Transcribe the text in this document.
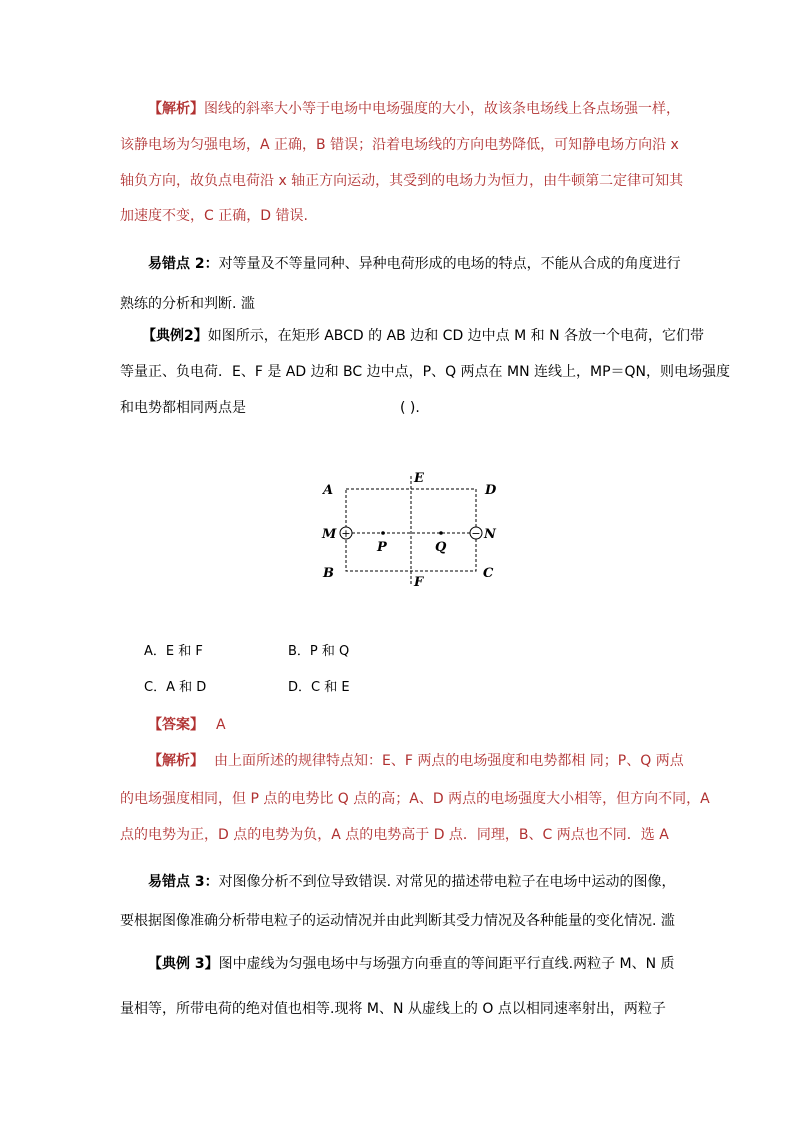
【解析】图线的斜率大小等于电场中电场强度的大小，故该条电场线上各点场强一样，
该静电场为匀强电场，A 正确，B 错误；沿着电场线的方向电势降低，可知静电场方向沿 x
轴负方向，故负点电荷沿 x 轴正方向运动，其受到的电场力为恒力，由牛顿第二定律可知其
加速度不变，C 正确，D 错误.
易错点 2：对等量及不等量同种、异种电荷形成的电场的特点，不能从合成的角度进行
熟练的分析和判断. 滥
【典例2】如图所示，在矩形 ABCD 的 AB 边和 CD 边中点 M 和 N 各放一个电荷，它们带
等量正、负电荷．E、F 是 AD 边和 BC 边中点，P、Q 两点在 MN 连线上，MP＝QN，则电场强度
和电势都相同两点是	( ).
+	−
A
B	C
D
E
F
M	N
P	Q
A．E 和 F	B．P 和 Q
C．A 和 D	D．C 和 E
【答案】 A
【解析】 由上面所述的规律特点知：E、F 两点的电场强度和电势都相 同；P、Q 两点
的电场强度相同，但 P 点的电势比 Q 点的高；A、D 两点的电场强度大小相等，但方向不同，A
点的电势为正，D 点的电势为负，A 点的电势高于 D 点．同理，B、C 两点也不同．选 A
易错点 3：对图像分析不到位导致错误. 对常见的描述带电粒子在电场中运动的图像，
要根据图像准确分析带电粒子的运动情况并由此判断其受力情况及各种能量的变化情况. 滥
【典例 3】图中虚线为匀强电场中与场强方向垂直的等间距平行直线.两粒子 M、N 质
量相等，所带电荷的绝对值也相等.现将 M、N 从虚线上的 O 点以相同速率射出，两粒子
